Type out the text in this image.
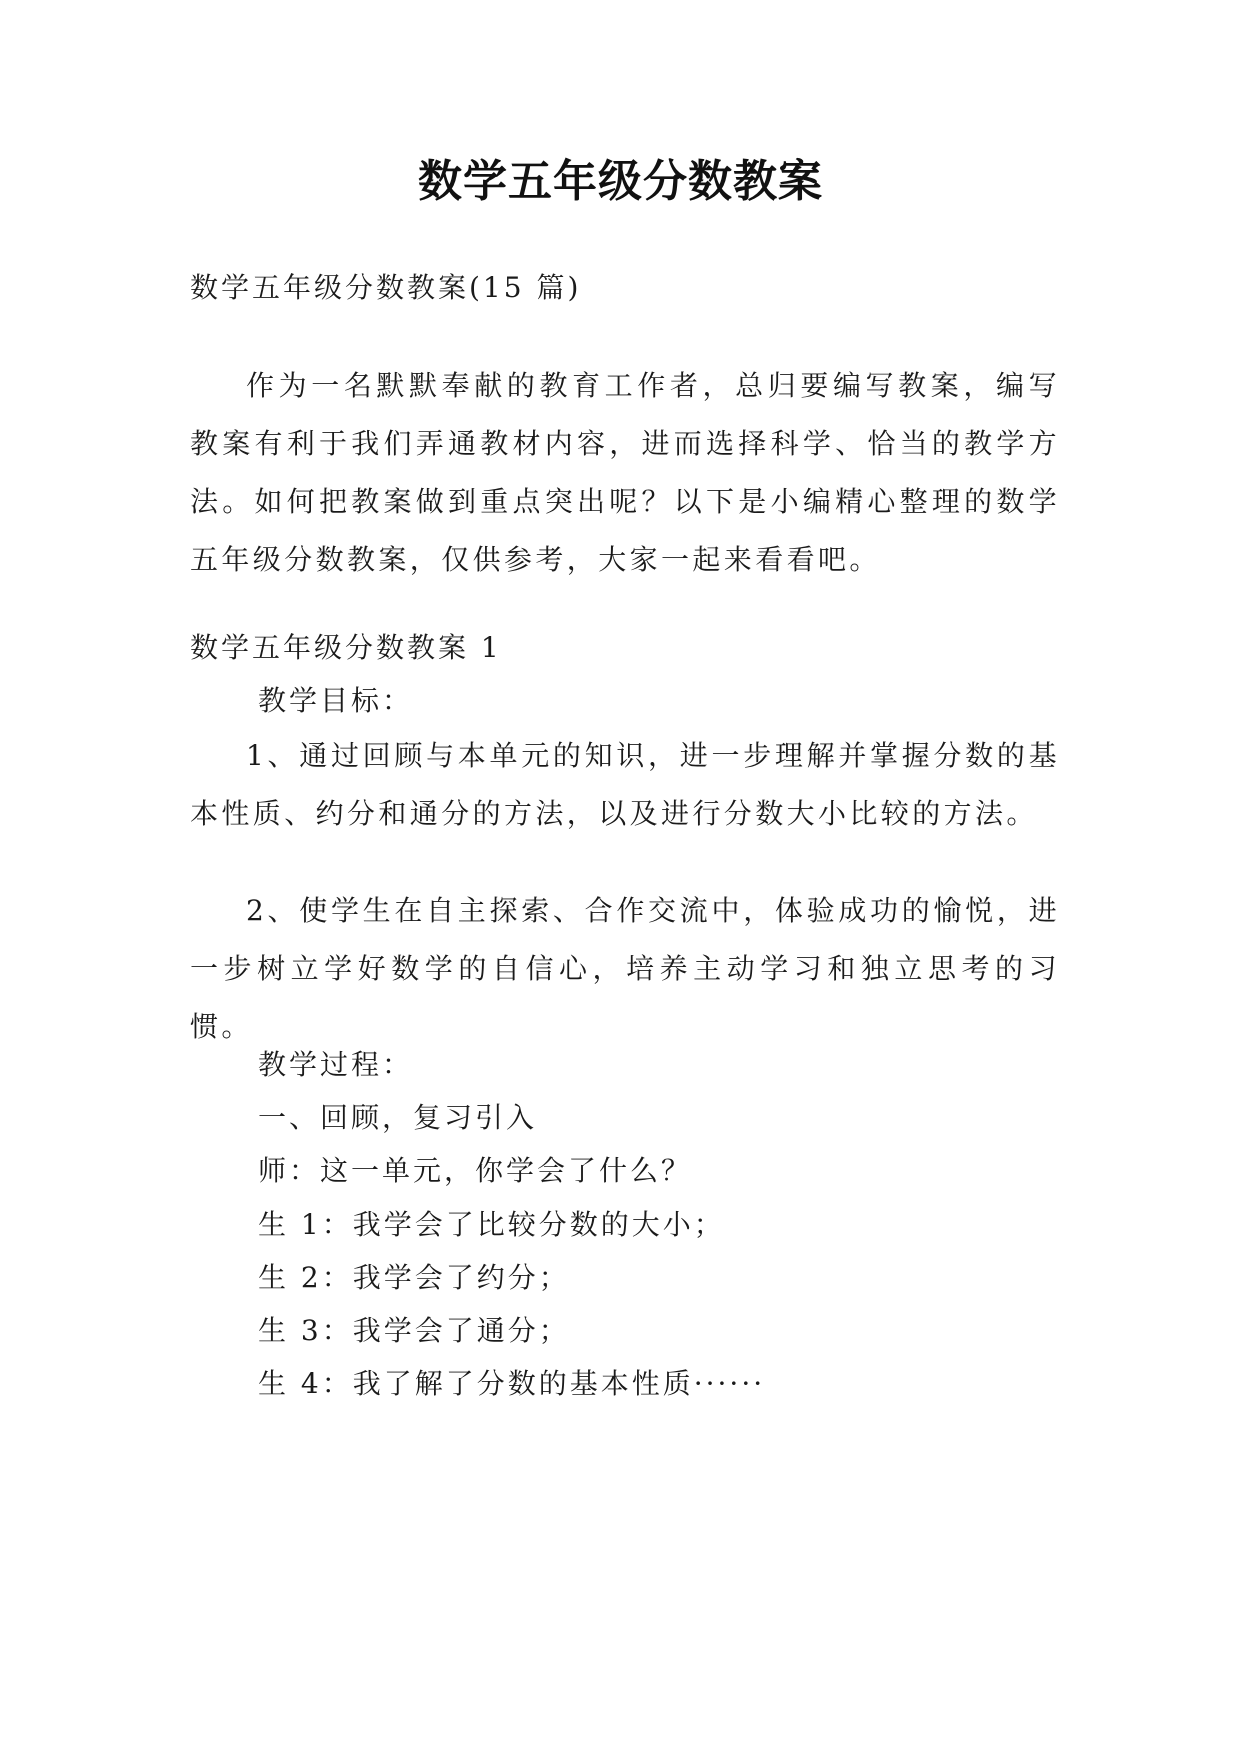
数学五年级分数教案
数学五年级分数教案(15 篇)
作为一名默默奉献的教育工作者，总归要编写教案，编写教案有利于我们弄通教材内容，进而选择科学、恰当的教学方法。如何把教案做到重点突出呢？以下是小编精心整理的数学五年级分数教案，仅供参考，大家一起来看看吧。
数学五年级分数教案 1
教学目标：
1、通过回顾与本单元的知识，进一步理解并掌握分数的基本性质、约分和通分的方法，以及进行分数大小比较的方法。
2、使学生在自主探索、合作交流中，体验成功的愉悦，进一步树立学好数学的自信心，培养主动学习和独立思考的习惯。
教学过程：
一、回顾，复习引入
师：这一单元，你学会了什么？
生 1：我学会了比较分数的大小；
生 2：我学会了约分；
生 3：我学会了通分；
生 4：我了解了分数的基本性质······
